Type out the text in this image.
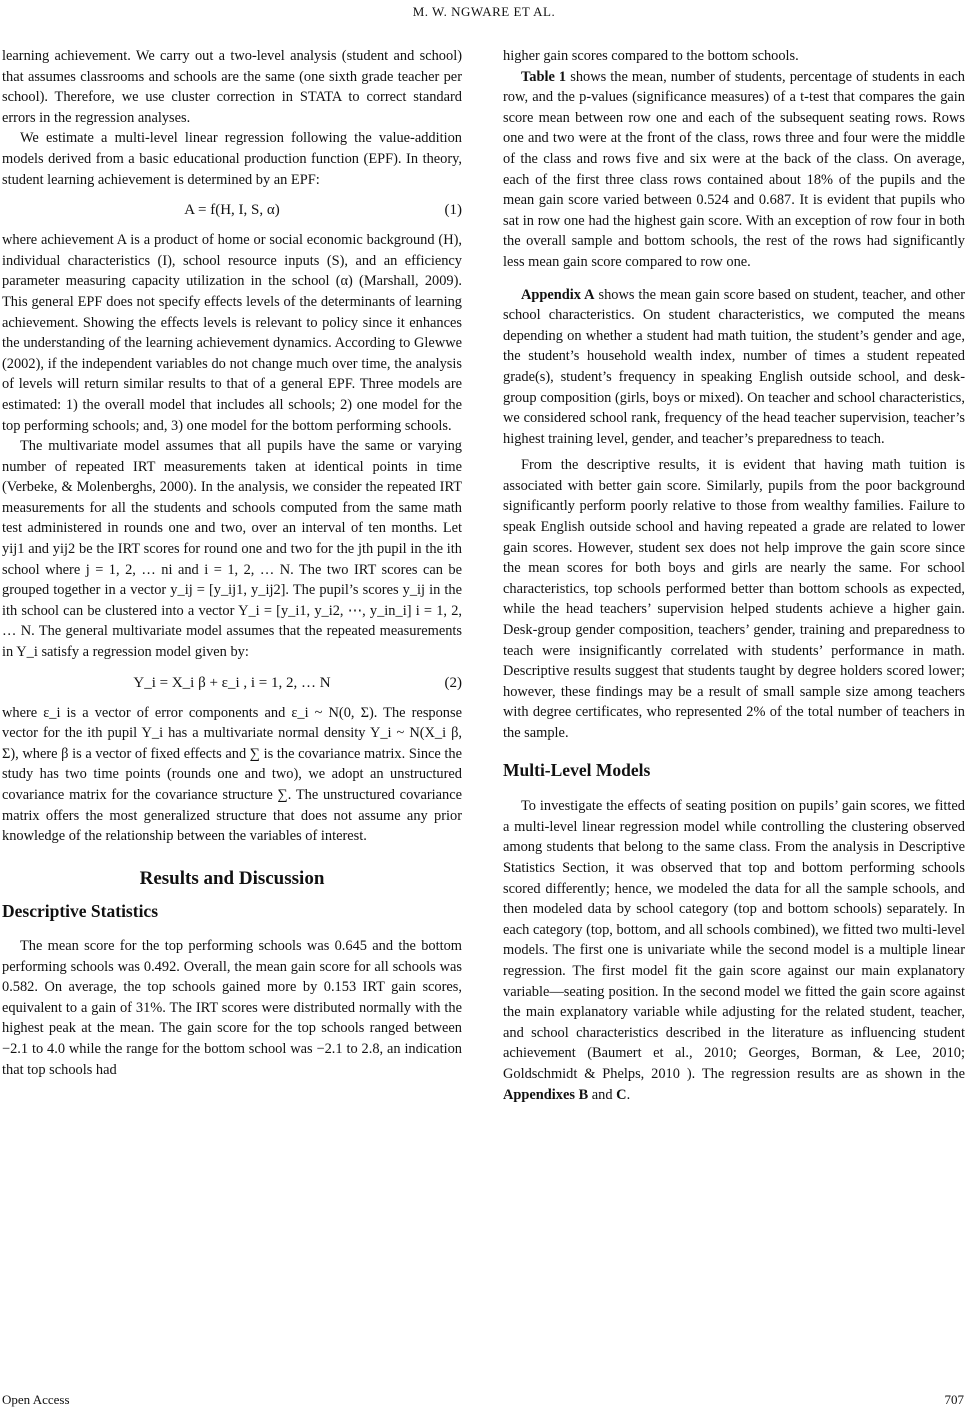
M. W. NGWARE ET AL.

learning achievement. We carry out a two-level analysis (student and school) that assumes classrooms and schools are the same (one sixth grade teacher per school). Therefore, we use cluster correction in STATA to correct standard errors in the regression analyses.

We estimate a multi-level linear regression following the value-addition models derived from a basic educational production function (EPF). In theory, student learning achievement is determined by an EPF:

A = f(H, I, S, α)	(1)

where achievement A is a product of home or social economic background (H), individual characteristics (I), school resource inputs (S), and an efficiency parameter measuring capacity utilization in the school (α) (Marshall, 2009). This general EPF does not specify effects levels of the determinants of learning achievement. Showing the effects levels is relevant to policy since it enhances the understanding of the learning achievement dynamics. According to Glewwe (2002), if the independent variables do not change much over time, the analysis of levels will return similar results to that of a general EPF. Three models are estimated: 1) the overall model that includes all schools; 2) one model for the top performing schools; and, 3) one model for the bottom performing schools.

The multivariate model assumes that all pupils have the same or varying number of repeated IRT measurements taken at identical points in time (Verbeke, & Molenberghs, 2000). In the analysis, we consider the repeated IRT measurements for all the students and schools computed from the same math test administered in rounds one and two, over an interval of ten months. Let yij1 and yij2 be the IRT scores for round one and two for the jth pupil in the ith school where j = 1, 2, … ni and i = 1, 2, … N. The two IRT scores can be grouped together in a vector y_ij = [y_ij1, y_ij2]. The pupil’s scores y_ij in the ith school can be clustered into a vector Y_i = [y_i1, y_i2, ⋯, y_in_i] i = 1, 2, … N. The general multivariate model assumes that the repeated measurements in Y_i satisfy a regression model given by:

Y_i = X_i β + ε_i , i = 1, 2, … N	(2)

where ε_i is a vector of error components and ε_i ~ N(0, Σ). The response vector for the ith pupil Y_i has a multivariate normal density Y_i ~ N(X_i β, Σ), where β is a vector of fixed effects and ∑ is the covariance matrix. Since the study has two time points (rounds one and two), we adopt an unstructured covariance matrix for the covariance structure ∑. The unstructured covariance matrix offers the most generalized structure that does not assume any prior knowledge of the relationship between the variables of interest.

Results and Discussion
Descriptive Statistics

The mean score for the top performing schools was 0.645 and the bottom performing schools was 0.492. Overall, the mean gain score for all schools was 0.582. On average, the top schools gained more by 0.153 IRT gain scores, equivalent to a gain of 31%. The IRT scores were distributed normally with the highest peak at the mean. The gain score for the top schools ranged between −2.1 to 4.0 while the range for the bottom school was −2.1 to 2.8, an indication that top schools had

higher gain scores compared to the bottom schools.

Table 1 shows the mean, number of students, percentage of students in each row, and the p-values (significance measures) of a t-test that compares the gain score mean between row one and each of the subsequent seating rows. Rows one and two were at the front of the class, rows three and four were the middle of the class and rows five and six were at the back of the class. On average, each of the first three class rows contained about 18% of the pupils and the mean gain score varied between 0.524 and 0.687. It is evident that pupils who sat in row one had the highest gain score. With an exception of row four in both the overall sample and bottom schools, the rest of the rows had significantly less mean gain score compared to row one.

Appendix A shows the mean gain score based on student, teacher, and other school characteristics. On student characteristics, we computed the means depending on whether a student had math tuition, the student’s gender and age, the student’s household wealth index, number of times a student repeated grade(s), student’s frequency in speaking English outside school, and desk-group composition (girls, boys or mixed). On teacher and school characteristics, we considered school rank, frequency of the head teacher supervision, teacher’s highest training level, gender, and teacher’s preparedness to teach.

From the descriptive results, it is evident that having math tuition is associated with better gain score. Similarly, pupils from the poor background significantly perform poorly relative to those from wealthy families. Failure to speak English outside school and having repeated a grade are related to lower gain scores. However, student sex does not help improve the gain score since the mean scores for both boys and girls are nearly the same. For school characteristics, top schools performed better than bottom schools as expected, while the head teachers’ supervision helped students achieve a higher gain. Desk-group gender composition, teachers’ gender, training and preparedness to teach were insignificantly correlated with students’ performance in math. Descriptive results suggest that students taught by degree holders scored lower; however, these findings may be a result of small sample size among teachers with degree certificates, who represented 2% of the total number of teachers in the sample.

Multi-Level Models

To investigate the effects of seating position on pupils’ gain scores, we fitted a multi-level linear regression model while controlling the clustering observed among students that belong to the same class. From the analysis in Descriptive Statistics Section, it was observed that top and bottom performing schools scored differently; hence, we modeled the data for all the sample schools, and then modeled data by school category (top and bottom schools) separately. In each category (top, bottom, and all schools combined), we fitted two multi-level models. The first one is univariate while the second model is a multiple linear regression. The first model fit the gain score against our main explanatory variable—seating position. In the second model we fitted the gain score against the main explanatory variable while adjusting for the related student, teacher, and school characteristics described in the literature as influencing student achievement (Baumert et al., 2010; Georges, Borman, & Lee, 2010; Goldschmidt & Phelps, 2010 ). The regression results are as shown in the Appendixes B and C.

Open Access	707
